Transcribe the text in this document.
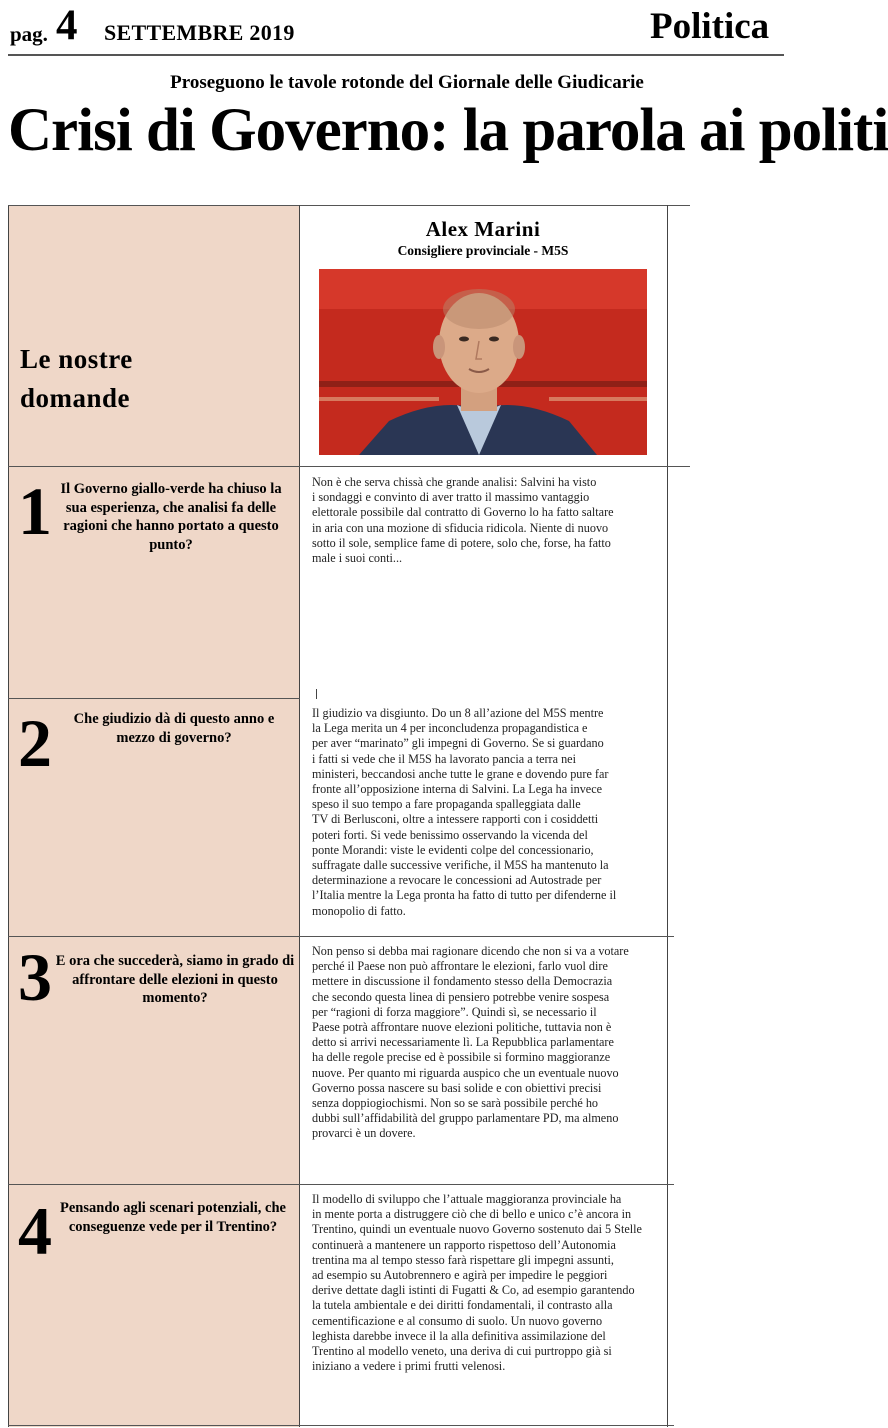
pag. 4 SETTEMBRE 2019	Politica
Proseguono le tavole rotonde del Giornale delle Giudicarie
Crisi di Governo: la parola ai politi
Le nostre
domande
Alex Marini
Consigliere provinciale - M5S
1 Il Governo giallo-verde ha chiuso la sua esperienza, che analisi fa delle ragioni che hanno portato a questo punto?
Non è che serva chissà che grande analisi: Salvini ha visto
i sondaggi e convinto di aver tratto il massimo vantaggio
elettorale possibile dal contratto di Governo lo ha fatto saltare
in aria con una mozione di sfiducia ridicola. Niente di nuovo
sotto il sole, semplice fame di potere, solo che, forse, ha fatto
male i suoi conti...
2	Che giudizio dà di questo anno e mezzo di governo?
Il giudizio va disgiunto. Do un 8 all’azione del M5S mentre
la Lega merita un 4 per inconcludenza propagandistica e
per aver “marinato” gli impegni di Governo. Se si guardano
i fatti si vede che il M5S ha lavorato pancia a terra nei
ministeri, beccandosi anche tutte le grane e dovendo pure far
fronte all’opposizione interna di Salvini. La Lega ha invece
speso il suo tempo a fare propaganda spalleggiata dalle
TV di Berlusconi, oltre a intessere rapporti con i cosiddetti
poteri forti. Si vede benissimo osservando la vicenda del
ponte Morandi: viste le evidenti colpe del concessionario,
suffragate dalle successive verifiche, il M5S ha mantenuto la
determinazione a revocare le concessioni ad Autostrade per
l’Italia mentre la Lega pronta ha fatto di tutto per difenderne il
monopolio di fatto.
3 E ora che succederà, siamo in grado di affrontare delle elezioni in questo momento?
Non penso si debba mai ragionare dicendo che non si va a votare
perché il Paese non può affrontare le elezioni, farlo vuol dire
mettere in discussione il fondamento stesso della Democrazia
che secondo questa linea di pensiero potrebbe venire sospesa
per “ragioni di forza maggiore”. Quindi sì, se necessario il
Paese potrà affrontare nuove elezioni politiche, tuttavia non è
detto si arrivi necessariamente lì. La Repubblica parlamentare
ha delle regole precise ed è possibile si formino maggioranze
nuove. Per quanto mi riguarda auspico che un eventuale nuovo
Governo possa nascere su basi solide e con obiettivi precisi
senza doppiogiochismi. Non so se sarà possibile perché ho
dubbi sull’affidabilità del gruppo parlamentare PD, ma almeno
provarci è un dovere.
4 Pensando agli scenari potenziali, che conseguenze vede per il Trentino?
Il modello di sviluppo che l’attuale maggioranza provinciale ha
in mente porta a distruggere ciò che di bello e unico c’è ancora in
Trentino, quindi un eventuale nuovo Governo sostenuto dai 5 Stelle
continuerà a mantenere un rapporto rispettoso dell’Autonomia
trentina ma al tempo stesso farà rispettare gli impegni assunti,
ad esempio su Autobrennero e agirà per impedire le peggiori
derive dettate dagli istinti di Fugatti & Co, ad esempio garantendo
la tutela ambientale e dei diritti fondamentali, il contrasto alla
cementificazione e al consumo di suolo. Un nuovo governo
leghista darebbe invece il la alla definitiva assimilazione del
Trentino al modello veneto, una deriva di cui purtroppo già si
iniziano a vedere i primi frutti velenosi.
